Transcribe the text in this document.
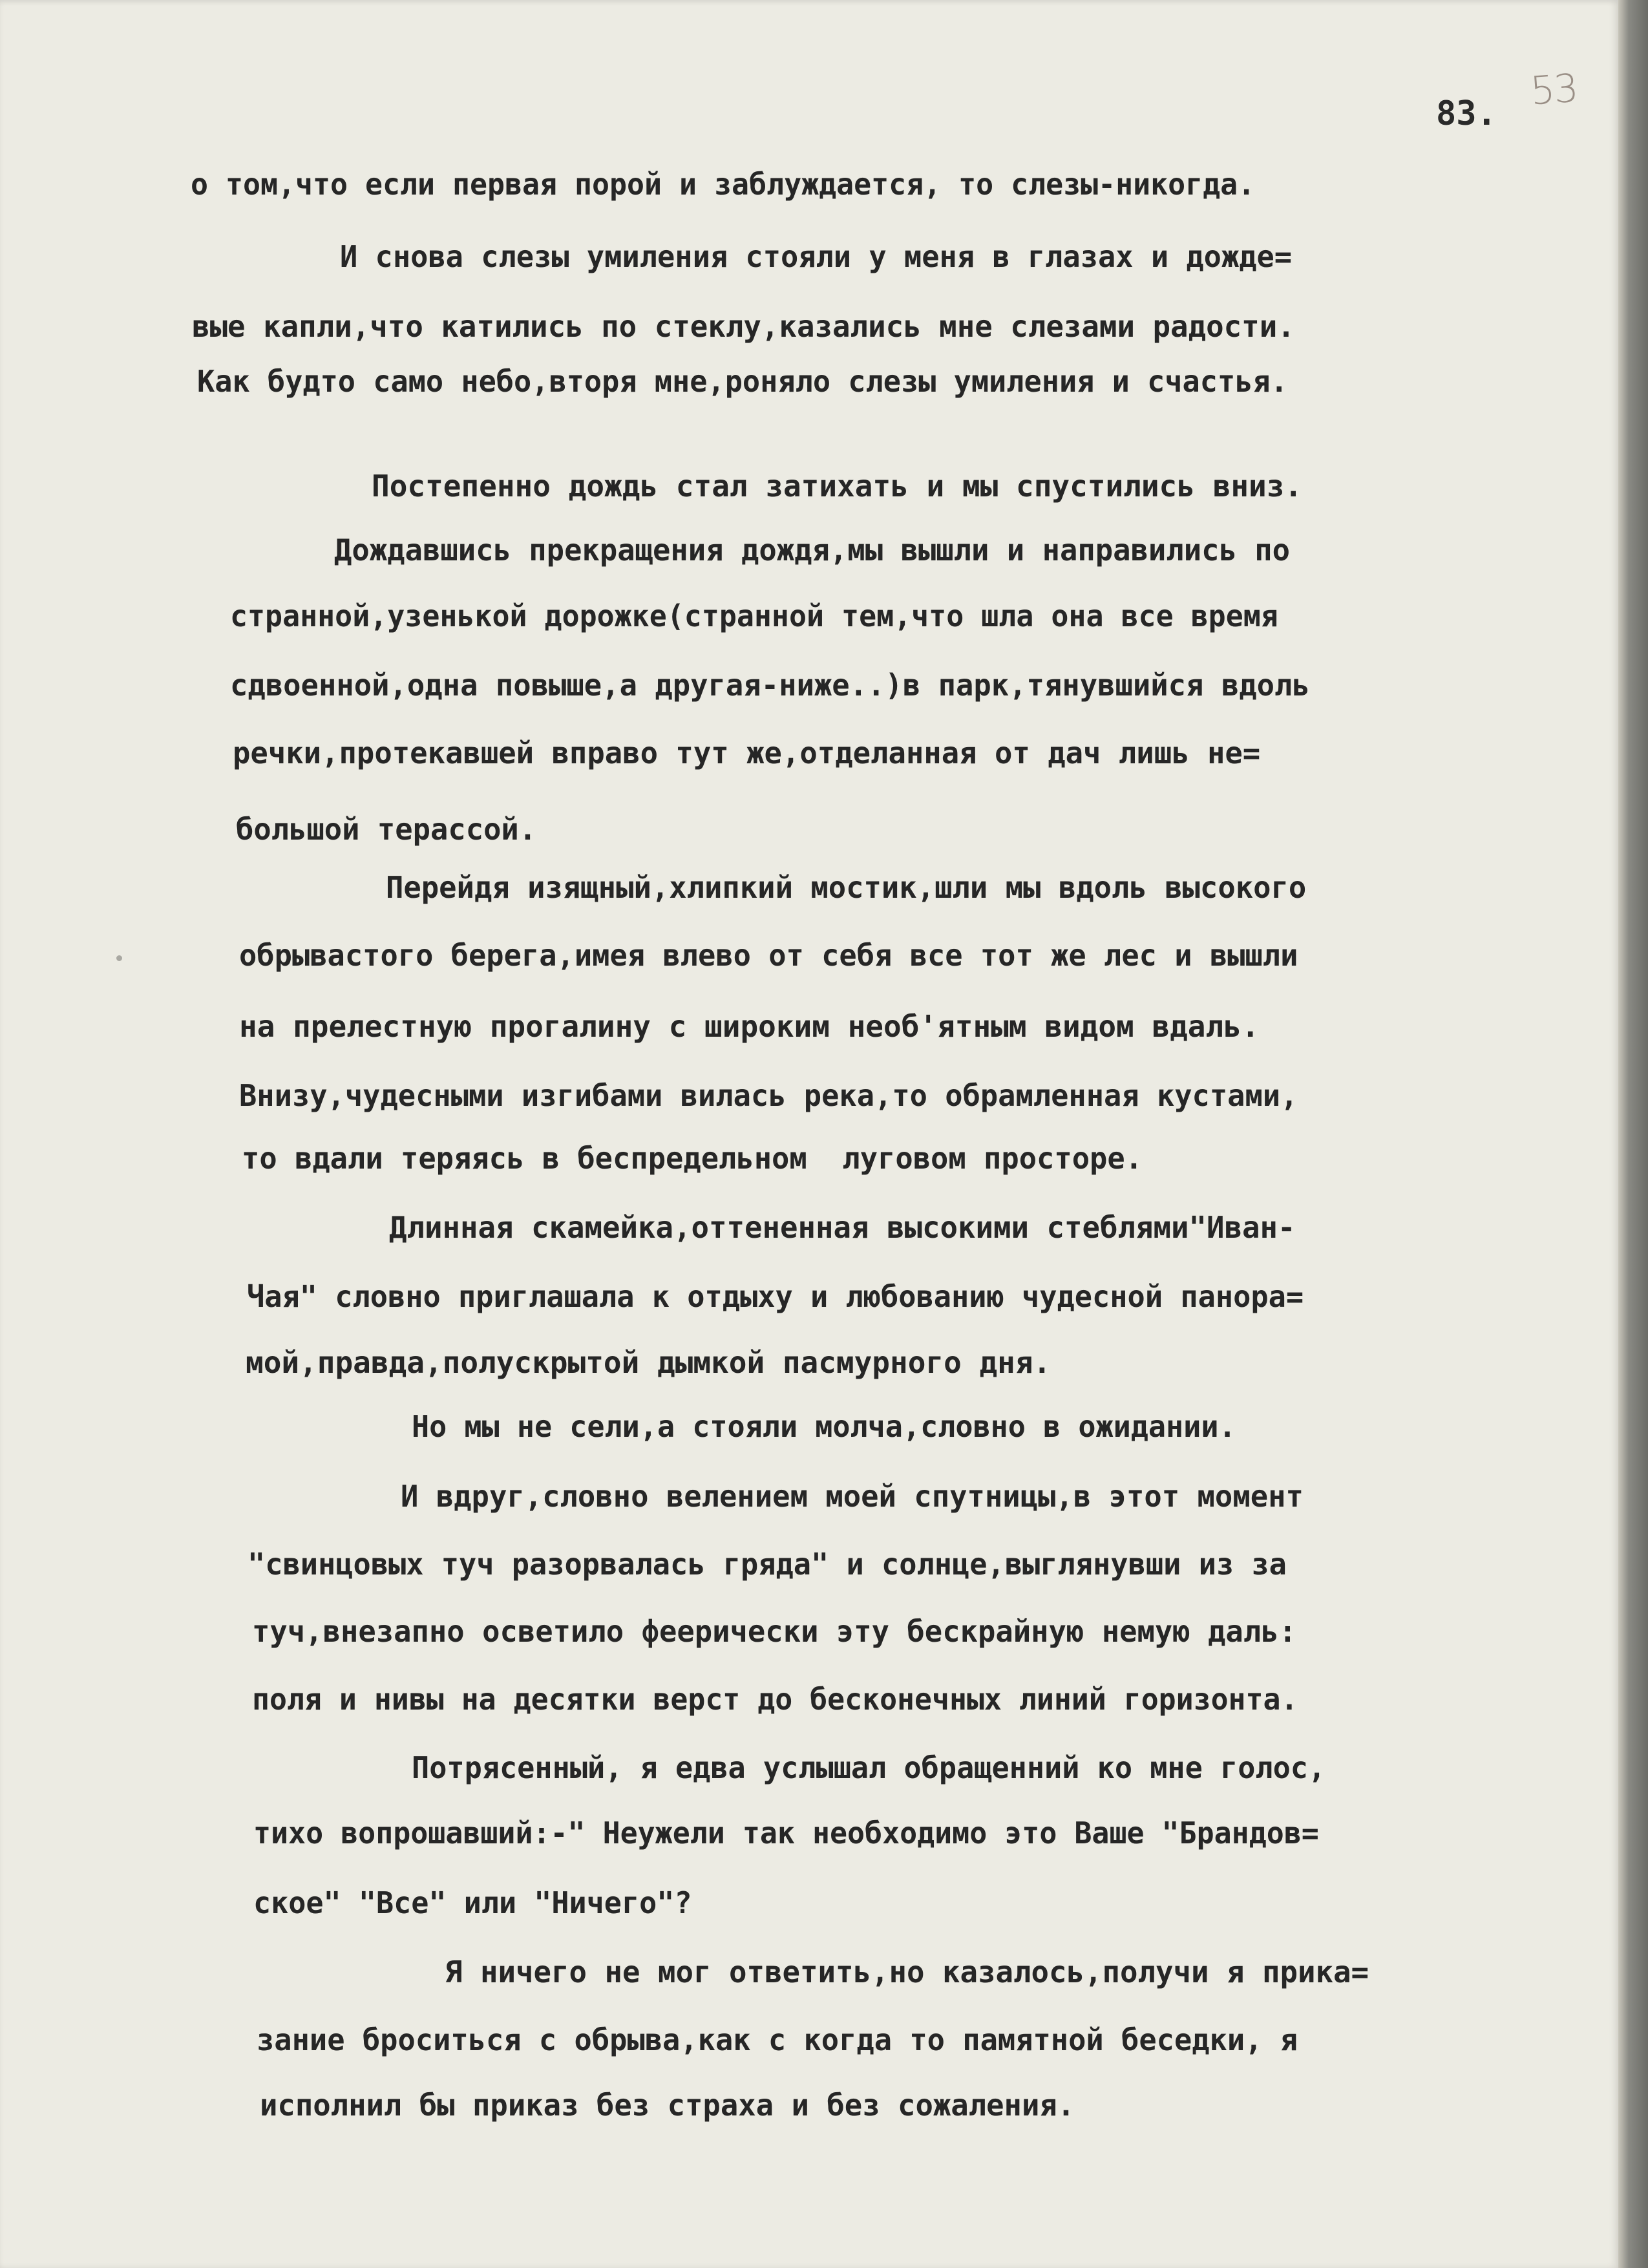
53
83.
о том,что если первая порой и заблуждается, то слезы-никогда.
И снова слезы умиления стояли у меня в глазах и дожде=
вые капли,что катились по стеклу,казались мне слезами радости.
Как будто само небо,вторя мне,роняло слезы умиления и счастья.
Постепенно дождь стал затихать и мы спустились вниз.
Дождавшись прекращения дождя,мы вышли и направились по
странной,узенькой дорожке(странной тем,что шла она все время
сдвоенной,одна повыше,а другая-ниже..)в парк,тянувшийся вдоль
речки,протекавшей вправо тут же,отделанная от дач лишь не=
большой терассой.
Перейдя изящный,хлипкий мостик,шли мы вдоль высокого
обрывастого берега,имея влево от себя все тот же лес и вышли
на прелестную прогалину с широким необ'ятным видом вдаль.
Внизу,чудесными изгибами вилась река,то обрамленная кустами,
то вдали теряясь в беспредельном  луговом просторе.
Длинная скамейка,оттененная высокими стеблями"Иван-
Чая" словно приглашала к отдыху и любованию чудесной панора=
мой,правда,полускрытой дымкой пасмурного дня.
Но мы не сели,а стояли молча,словно в ожидании.
И вдруг,словно велением моей спутницы,в этот момент
"свинцовых туч разорвалась гряда" и солнце,выглянувши из за
туч,внезапно осветило феерически эту бескрайную немую даль:
поля и нивы на десятки верст до бесконечных линий горизонта.
Потрясенный, я едва услышал обращенний ко мне голос,
тихо вопрошавший:-" Неужели так необходимо это Ваше "Брандов=
ское" "Все" или "Ничего"?
Я ничего не мог ответить,но казалось,получи я прика=
зание броситься с обрыва,как с когда то памятной беседки, я
исполнил бы приказ без страха и без сожаления.
